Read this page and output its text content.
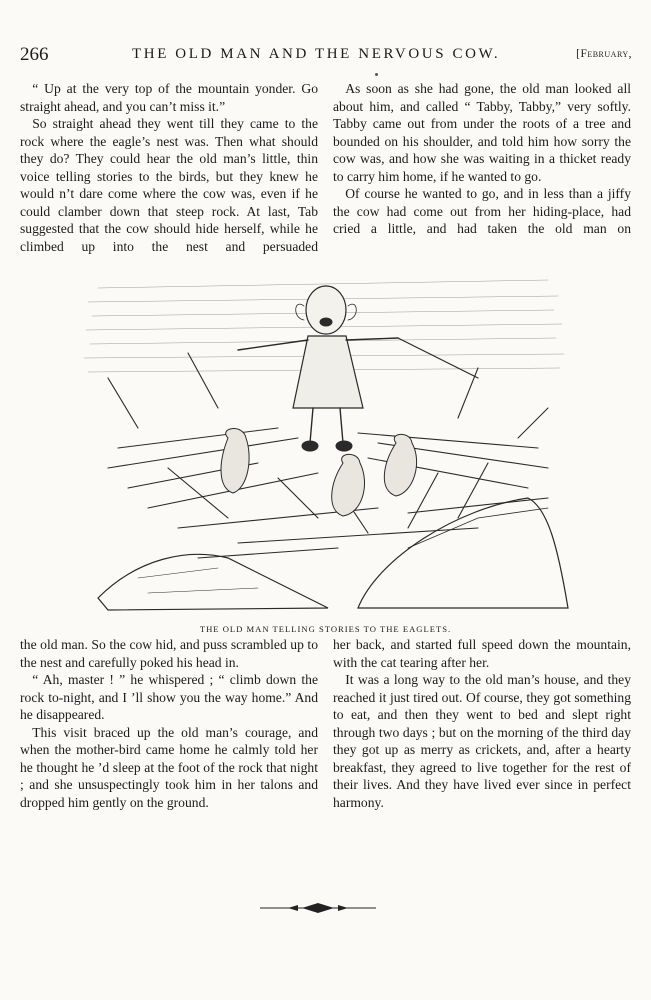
266	THE OLD MAN AND THE NERVOUS COW.	[February,

“ Up at the very top of the mountain yonder. Go straight ahead, and you can’t miss it.”

So straight ahead they went till they came to the rock where the eagle’s nest was. Then what should they do? They could hear the old man’s little, thin voice telling stories to the birds, but they knew he would n’t dare come where the cow was, even if he could clamber down that steep rock. At last, Tab suggested that the cow should hide herself, while he climbed up into the nest and persuaded

As soon as she had gone, the old man looked all about him, and called “ Tabby, Tabby,” very softly. Tabby came out from under the roots of a tree and bounded on his shoulder, and told him how sorry the cow was, and how she was waiting in a thicket ready to carry him home, if he wanted to go.

Of course he wanted to go, and in less than a jiffy the cow had come out from her hiding-place, had cried a little, and had taken the old man on

THE OLD MAN TELLING STORIES TO THE EAGLETS.

the old man. So the cow hid, and puss scrambled up to the nest and carefully poked his head in.

“ Ah, master ! ” he whispered ; “ climb down the rock to-night, and I ’ll show you the way home.” And he disappeared.

This visit braced up the old man’s courage, and when the mother-bird came home he calmly told her he thought he ’d sleep at the foot of the rock that night ; and she unsuspectingly took him in her talons and dropped him gently on the ground.

her back, and started full speed down the mountain, with the cat tearing after her.

It was a long way to the old man’s house, and they reached it just tired out. Of course, they got something to eat, and then they went to bed and slept right through two days ; but on the morning of the third day they got up as merry as crickets, and, after a hearty breakfast, they agreed to live together for the rest of their lives. And they have lived ever since in perfect harmony.
